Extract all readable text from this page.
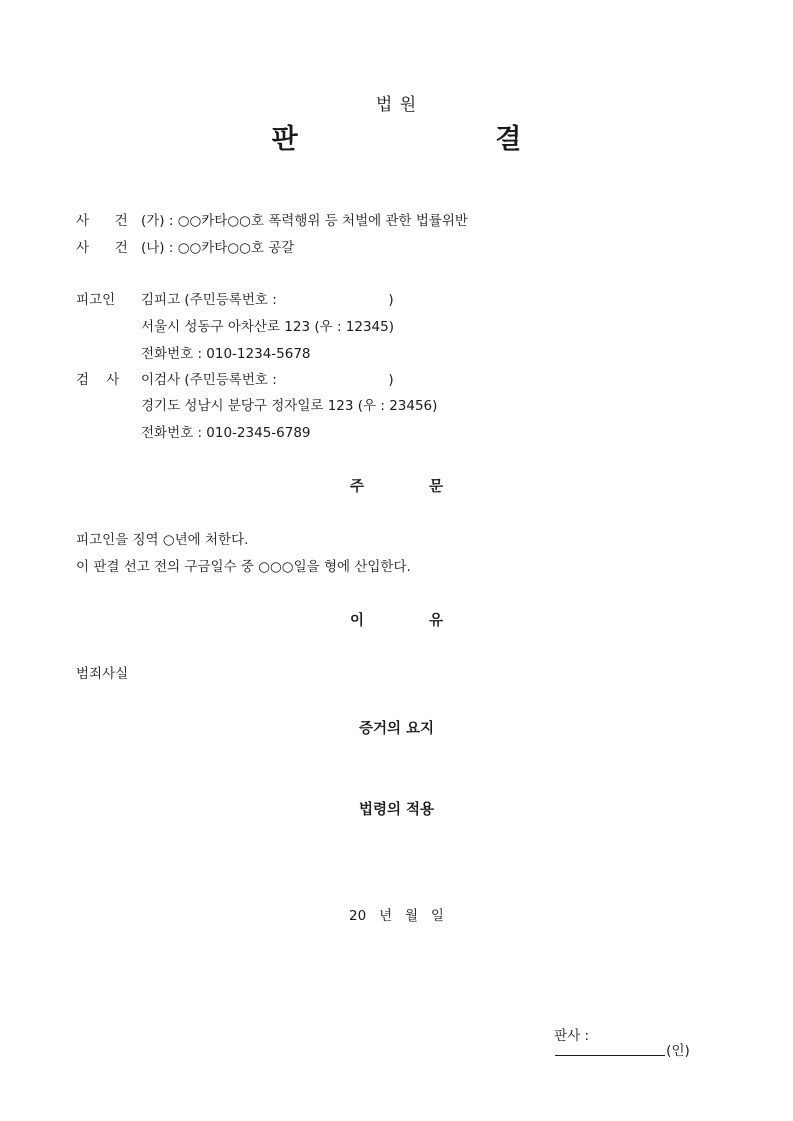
법 원
판    결
사      건 (가) : ○○카타○○호 폭력행위 등 처벌에 관한 법률위반
사      건 (나) : ○○카타○○호 공갈
피고인 김피고 (주민등록번호 :                          )
서울시 성동구 아차산로 123 (우 : 12345)
전화번호 : 010-1234-5678
검    사 이검사 (주민등록번호 :                          )
경기도 성남시 분당구 정자일로 123 (우 : 23456)
전화번호 : 010-2345-6789
주 문
피고인을 징역 ○년에 처한다.
이 판결 선고 전의 구금일수 중 ○○○일을 형에 산입한다.
이 유
범죄사실
증거의 요지
법령의 적용
20   년   월   일

판사 :
(인)
